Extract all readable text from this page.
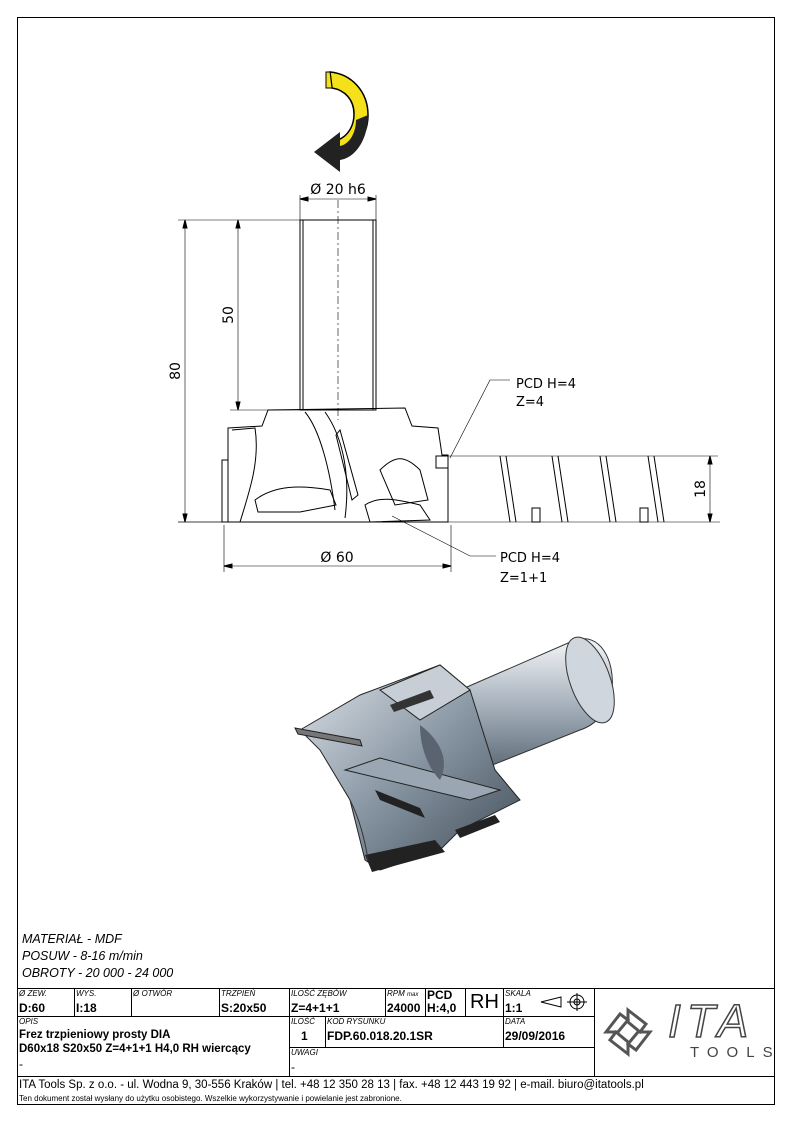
Ø 20 h6
50
80
18
Ø 60
PCD H=4
Z=4
PCD H=4
Z=1+1
MATERIAŁ - MDF
POSUW - 8-16 m/min
OBROTY - 20 000 - 24 000
Ø ZEW.
D:60
WYS.
I:18
Ø OTWÓR	TRZPIEŃ
S:20x50
ILOŚĆ ZĘBÓW
Z=4+1+1
RPM max
24000
PCD
H:4,0 RH SKALA
1:1
OPIS
Frez trzpieniowy prosty DIA
D60x18 S20x50 Z=4+1+1 H4,0 RH wiercący
-
ILOŚĆ
1
KOD RYSUNKU
FDP.60.018.20.1SR
DATA
29/09/2016
UWAGI
-
ITA
TOOLS
ITA Tools Sp. z o.o. - ul. Wodna 9, 30-556 Kraków | tel. +48 12 350 28 13 | fax. +48 12 443 19 92 | e-mail. biuro@itatools.pl
Ten dokument został wysłany do użytku osobistego. Wszelkie wykorzystywanie i powielanie jest zabronione.
